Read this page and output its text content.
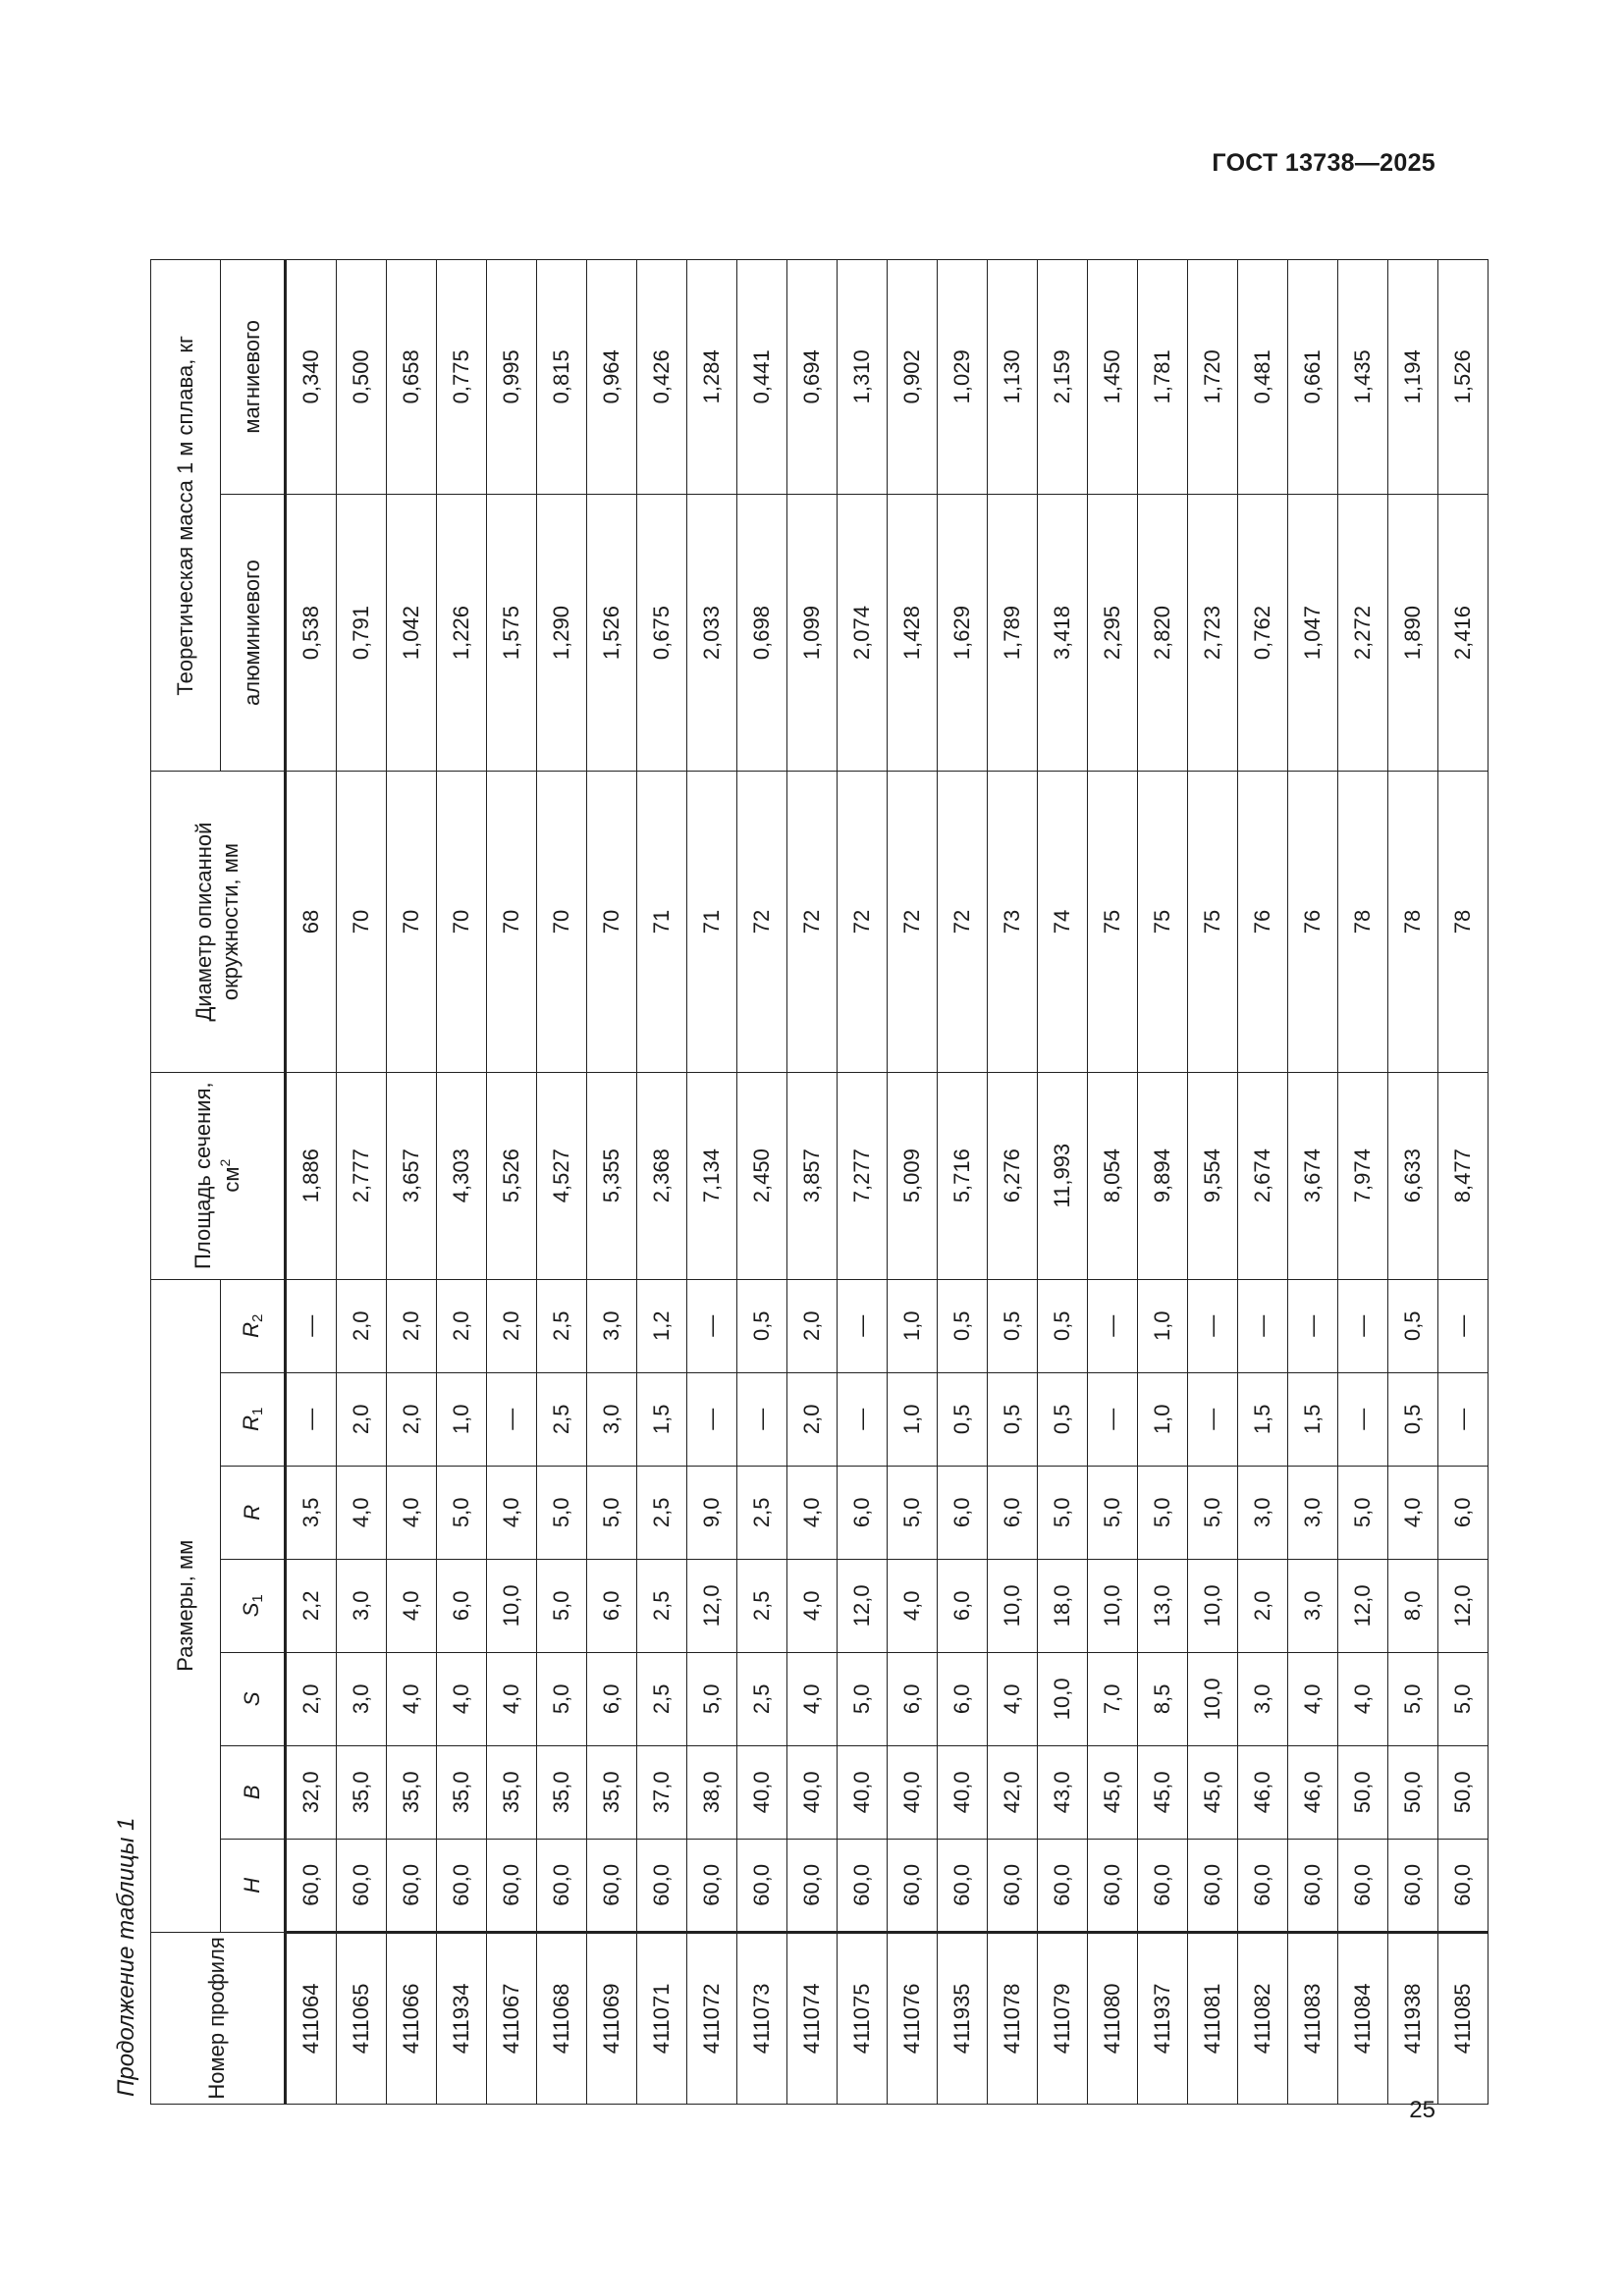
ГОСТ 13738—2025
Продолжение таблицы 1	Номер профиля	Размеры, мм							Площадь сечения, $см^2$	Диаметр описанной окружности, мм	Теоретическая масса 1 м сплава, кг	
	H	B	S	$S_1$	R	$R_1$	$R_2$			алюминиевого	магниевого
411064	60,0	32,0	2,0	2,2	3,5	—	—	1,886	68	0,538	0,340
411065	60,0	35,0	3,0	3,0	4,0	2,0	2,0	2,777	70	0,791	0,500
411066	60,0	35,0	4,0	4,0	4,0	2,0	2,0	3,657	70	1,042	0,658
411934	60,0	35,0	4,0	6,0	5,0	1,0	2,0	4,303	70	1,226	0,775
411067	60,0	35,0	4,0	10,0	4,0	—	2,0	5,526	70	1,575	0,995
411068	60,0	35,0	5,0	5,0	5,0	2,5	2,5	4,527	70	1,290	0,815
411069	60,0	35,0	6,0	6,0	5,0	3,0	3,0	5,355	70	1,526	0,964
411071	60,0	37,0	2,5	2,5	2,5	1,5	1,2	2,368	71	0,675	0,426
411072	60,0	38,0	5,0	12,0	9,0	—	—	7,134	71	2,033	1,284
411073	60,0	40,0	2,5	2,5	2,5	—	0,5	2,450	72	0,698	0,441
411074	60,0	40,0	4,0	4,0	4,0	2,0	2,0	3,857	72	1,099	0,694
411075	60,0	40,0	5,0	12,0	6,0	—	—	7,277	72	2,074	1,310
411076	60,0	40,0	6,0	4,0	5,0	1,0	1,0	5,009	72	1,428	0,902
411935	60,0	40,0	6,0	6,0	6,0	0,5	0,5	5,716	72	1,629	1,029
411078	60,0	42,0	4,0	10,0	6,0	0,5	0,5	6,276	73	1,789	1,130
411079	60,0	43,0	10,0	18,0	5,0	0,5	0,5	11,993	74	3,418	2,159
411080	60,0	45,0	7,0	10,0	5,0	—	—	8,054	75	2,295	1,450
411937	60,0	45,0	8,5	13,0	5,0	1,0	1,0	9,894	75	2,820	1,781
411081	60,0	45,0	10,0	10,0	5,0	—	—	9,554	75	2,723	1,720
411082	60,0	46,0	3,0	2,0	3,0	1,5	—	2,674	76	0,762	0,481
411083	60,0	46,0	4,0	3,0	3,0	1,5	—	3,674	76	1,047	0,661
411084	60,0	50,0	4,0	12,0	5,0	—	—	7,974	78	2,272	1,435
411938	60,0	50,0	5,0	8,0	4,0	0,5	0,5	6,633	78	1,890	1,194
411085	60,0	50,0	5,0	12,0	6,0	—	—	8,477	78	2,416	1,526
25
